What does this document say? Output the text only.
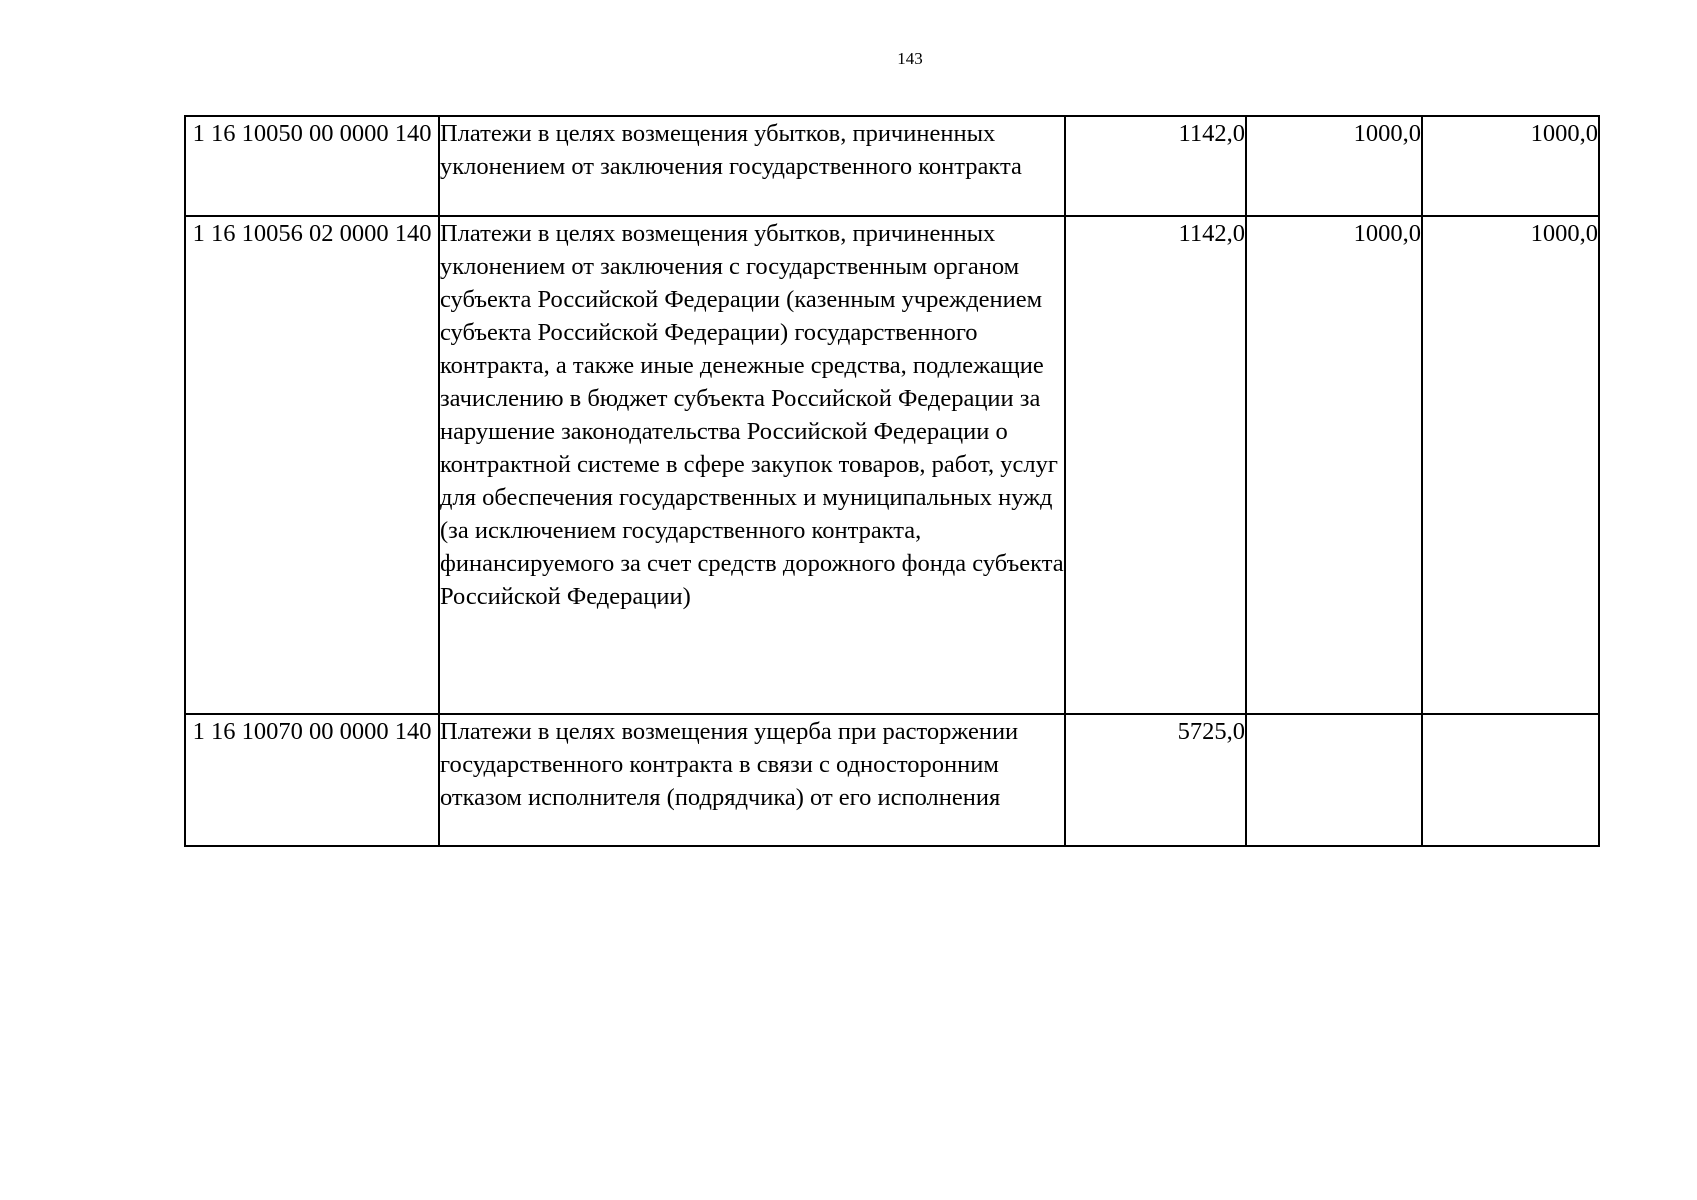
143
1 16 10050 00 0000 140	Платежи в целях возмещения убытков, причиненных уклонением от заключения государственного контракта	1142,0	1000,0	1000,0
1 16 10056 02 0000 140	Платежи в целях возмещения убытков, причиненных уклонением от заключения с государственным органом субъекта Российской Федерации (казенным учреждением субъекта Российской Федерации) государственного контракта, а также иные денежные средства, подлежащие зачислению в бюджет субъекта Российской Федерации за нарушение законодательства Российской Федерации о контрактной системе в сфере закупок товаров, работ, услуг для обеспечения государственных и муниципальных нужд (за исключением государственного контракта, финансируемого за счет средств дорожного фонда субъекта Российской Федерации)	1142,0	1000,0	1000,0
1 16 10070 00 0000 140	Платежи в целях возмещения ущерба при расторжении государственного контракта в связи с односторонним отказом исполнителя (подрядчика) от его исполнения	5725,0		
